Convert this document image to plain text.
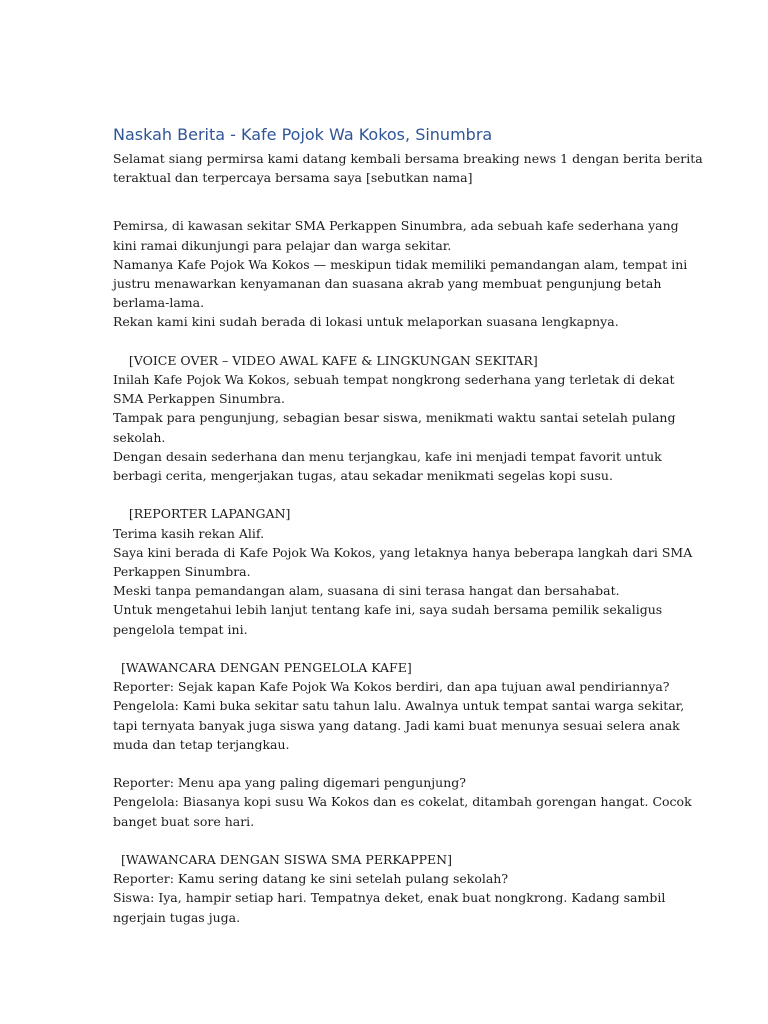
Naskah Berita - Kafe Pojok Wa Kokos, Sinumbra

Selamat siang permirsa kami datang kembali bersama breaking news 1 dengan berita berita
teraktual dan terpercaya bersama saya [sebutkan nama]

Pemirsa, di kawasan sekitar SMA Perkappen Sinumbra, ada sebuah kafe sederhana yang
kini ramai dikunjungi para pelajar dan warga sekitar.
Namanya Kafe Pojok Wa Kokos — meskipun tidak memiliki pemandangan alam, tempat ini
justru menawarkan kenyamanan dan suasana akrab yang membuat pengunjung betah
berlama-lama.
Rekan kami kini sudah berada di lokasi untuk melaporkan suasana lengkapnya.

[VOICE OVER – VIDEO AWAL KAFE & LINGKUNGAN SEKITAR]
Inilah Kafe Pojok Wa Kokos, sebuah tempat nongkrong sederhana yang terletak di dekat
SMA Perkappen Sinumbra.
Tampak para pengunjung, sebagian besar siswa, menikmati waktu santai setelah pulang
sekolah.
Dengan desain sederhana dan menu terjangkau, kafe ini menjadi tempat favorit untuk
berbagi cerita, mengerjakan tugas, atau sekadar menikmati segelas kopi susu.

[REPORTER LAPANGAN]
Terima kasih rekan Alif.
Saya kini berada di Kafe Pojok Wa Kokos, yang letaknya hanya beberapa langkah dari SMA
Perkappen Sinumbra.
Meski tanpa pemandangan alam, suasana di sini terasa hangat dan bersahabat.
Untuk mengetahui lebih lanjut tentang kafe ini, saya sudah bersama pemilik sekaligus
pengelola tempat ini.

[WAWANCARA DENGAN PENGELOLA KAFE]
Reporter: Sejak kapan Kafe Pojok Wa Kokos berdiri, dan apa tujuan awal pendiriannya?
Pengelola: Kami buka sekitar satu tahun lalu. Awalnya untuk tempat santai warga sekitar,
tapi ternyata banyak juga siswa yang datang. Jadi kami buat menunya sesuai selera anak
muda dan tetap terjangkau.

Reporter: Menu apa yang paling digemari pengunjung?
Pengelola: Biasanya kopi susu Wa Kokos dan es cokelat, ditambah gorengan hangat. Cocok
banget buat sore hari.

[WAWANCARA DENGAN SISWA SMA PERKAPPEN]
Reporter: Kamu sering datang ke sini setelah pulang sekolah?
Siswa: Iya, hampir setiap hari. Tempatnya deket, enak buat nongkrong. Kadang sambil
ngerjain tugas juga.
